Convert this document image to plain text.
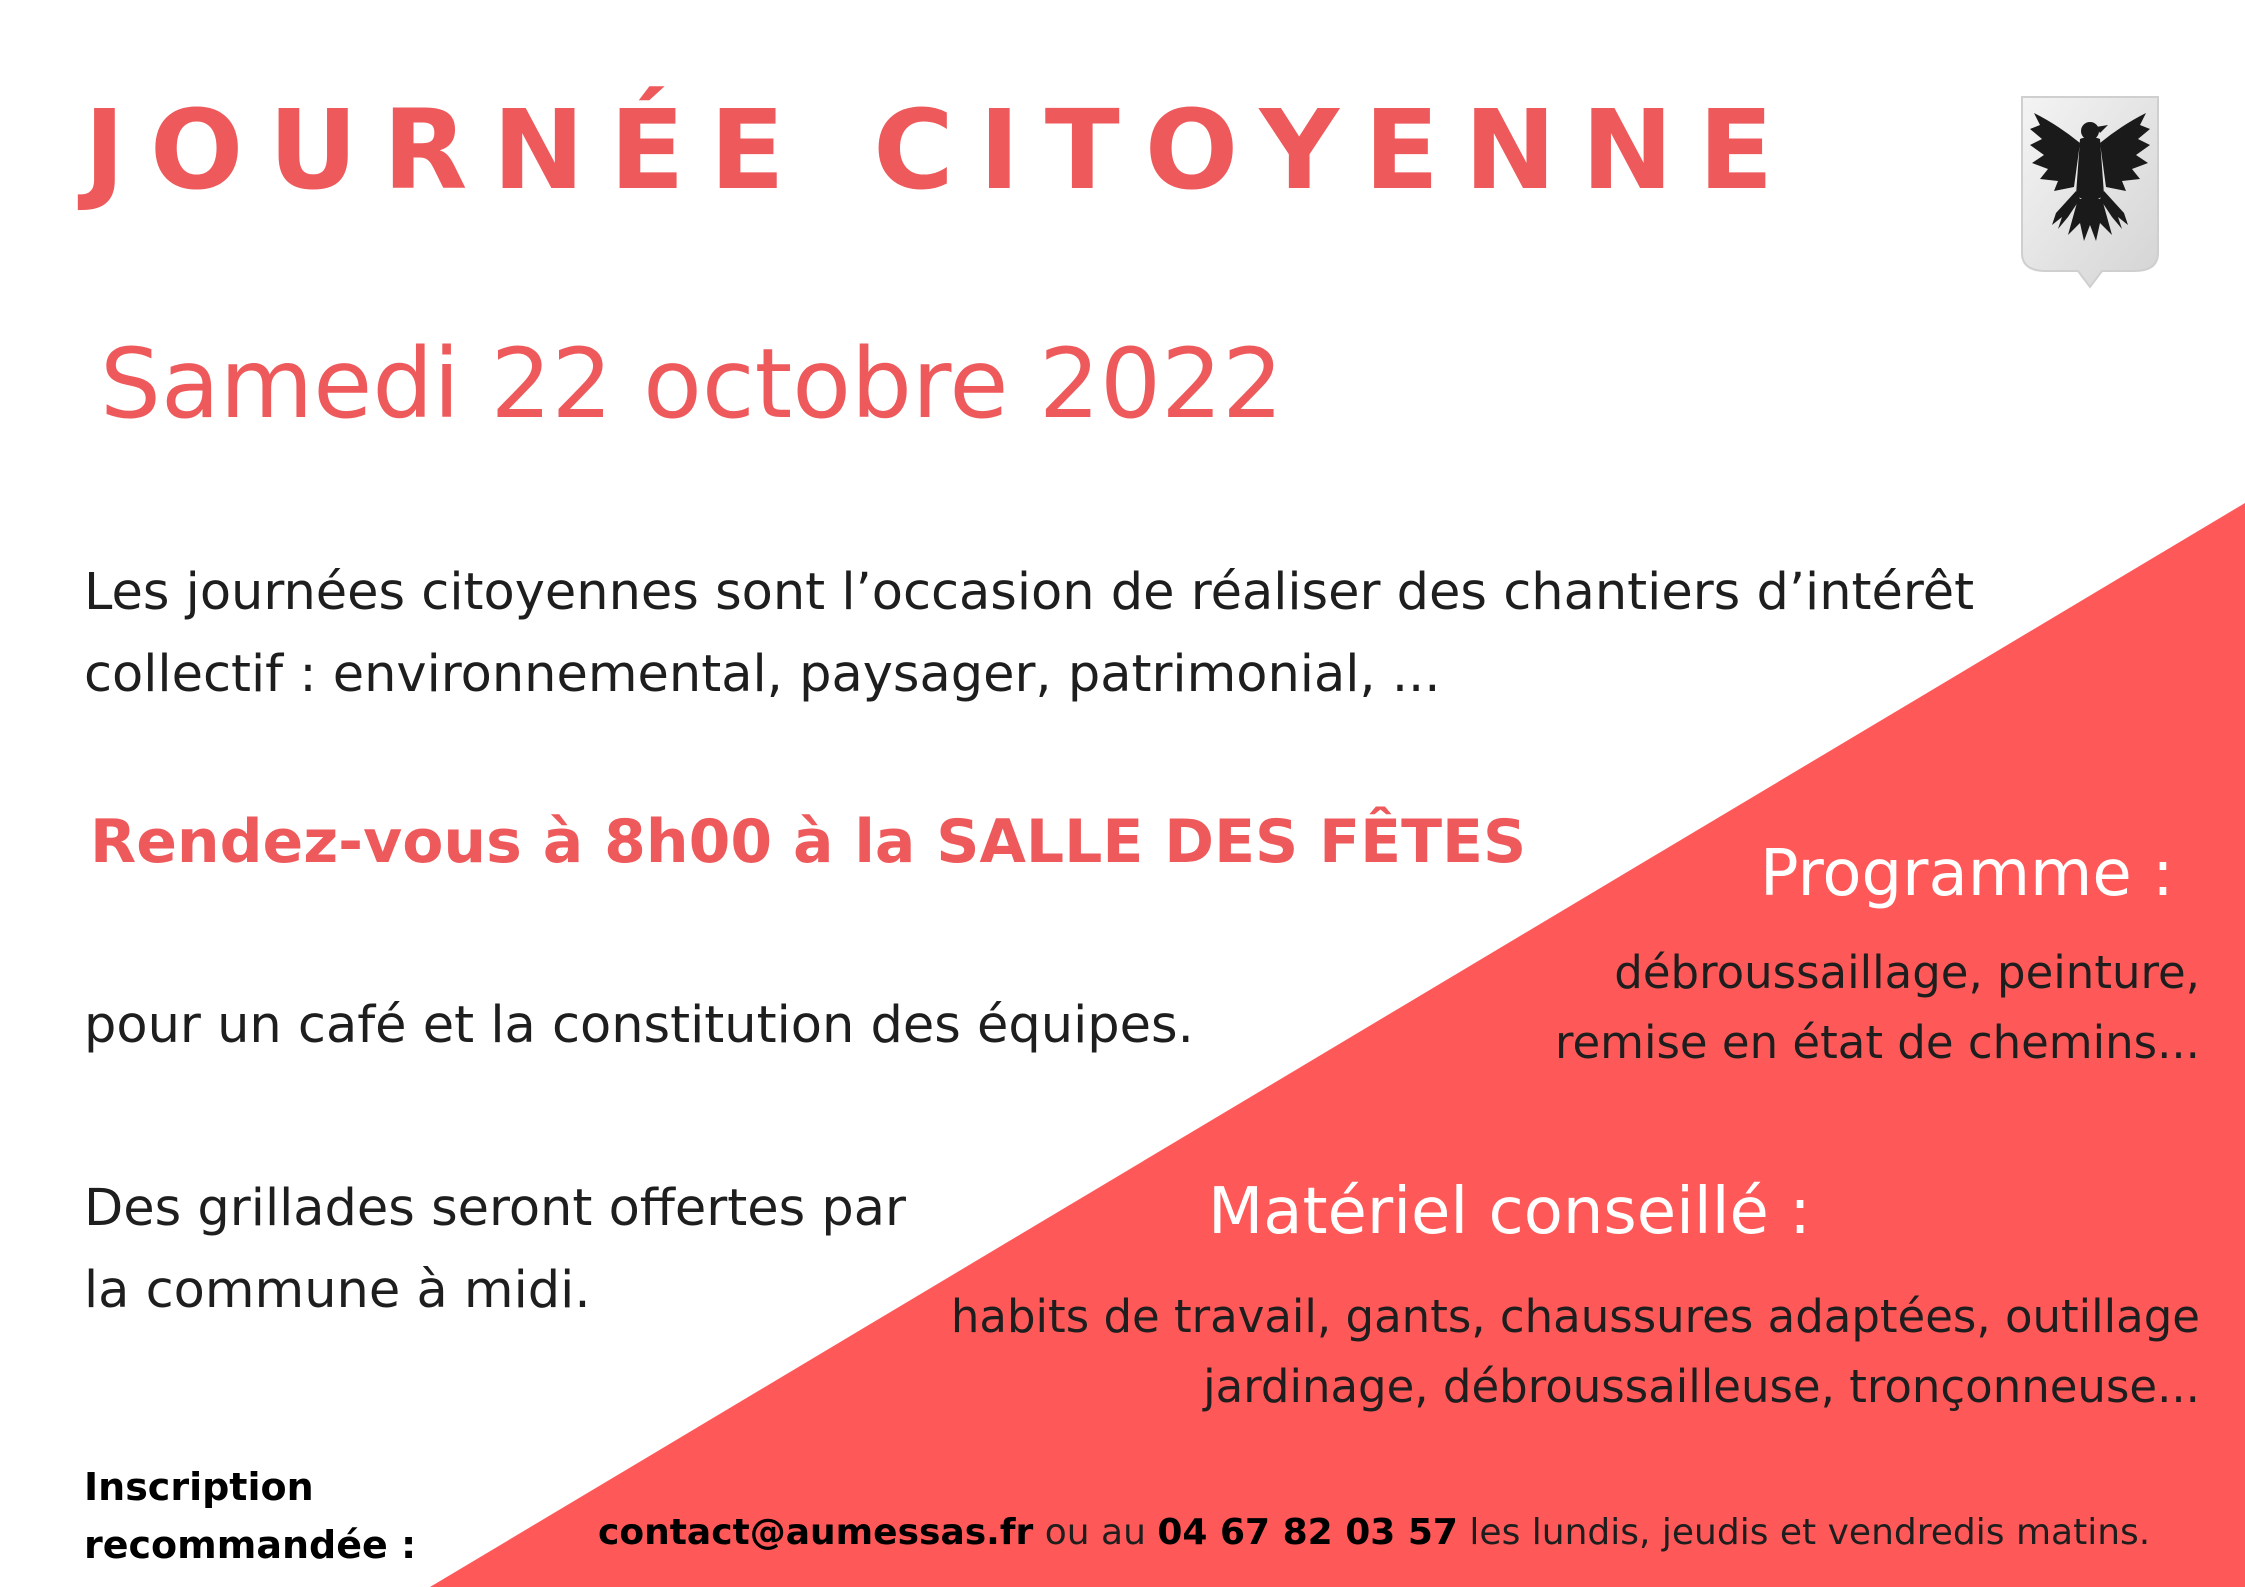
JOURNÉE CITOYENNE
Samedi 22 octobre 2022
Les journées citoyennes sont l’occasion de réaliser des chantiers d’intérêt
collectif : environnemental, paysager, patrimonial, ...
Rendez-vous à 8h00 à la SALLE DES FÊTES
pour un café et la constitution des équipes.
Des grillades seront offertes par
la commune à midi.
Programme :
débroussaillage, peinture,
remise en état de chemins...
Matériel conseillé :
habits de travail, gants, chaussures adaptées, outillage
jardinage, débroussailleuse, tronçonneuse...
Inscription
recommandée :	contact@aumessas.fr ou au 04 67 82 03 57 les lundis, jeudis et vendredis matins.
